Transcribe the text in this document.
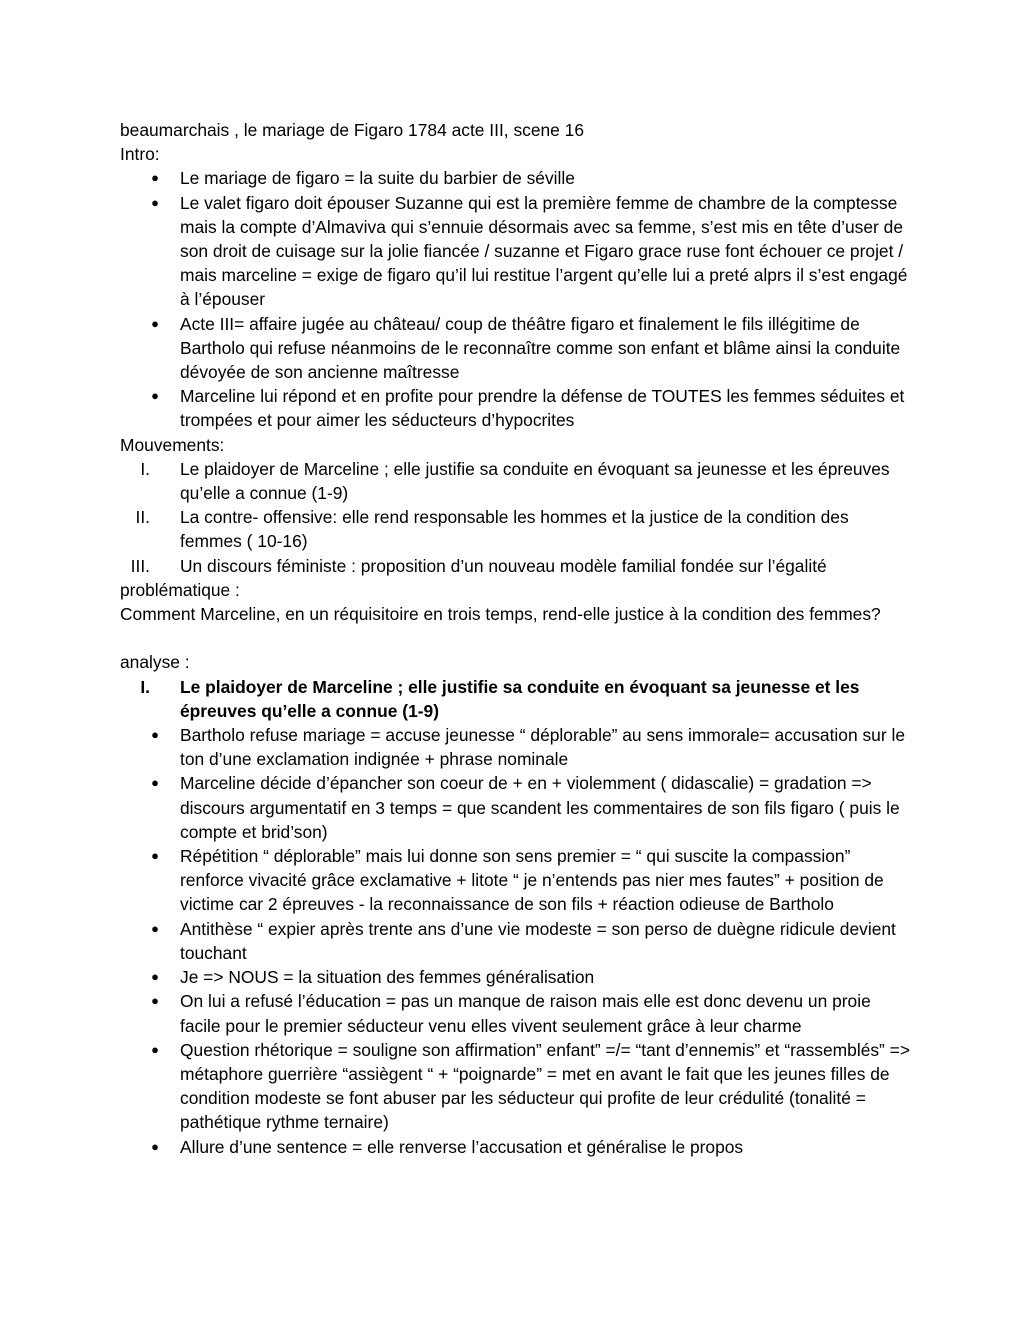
beaumarchais , le mariage de Figaro 1784 acte III, scene 16

Intro:

● Le mariage de figaro = la suite du barbier de séville
● Le valet figaro doit épouser Suzanne qui est la première femme de chambre de la comptesse mais la compte d’Almaviva qui s’ennuie désormais avec sa femme, s’est mis en tête d’user de son droit de cuisage sur la jolie fiancée / suzanne et Figaro grace ruse font échouer ce projet / mais marceline = exige de figaro qu’il lui restitue l’argent qu’elle lui a preté alprs il s’est engagé à l’épouser
● Acte III= affaire jugée au château/ coup de théâtre figaro et finalement le fils illégitime de Bartholo qui refuse néanmoins de le reconnaître comme son enfant et blâme ainsi la conduite dévoyée de son ancienne maîtresse
● Marceline lui répond et en profite pour prendre la défense de TOUTES les femmes séduites et trompées et pour aimer les séducteurs d’hypocrites

Mouvements:

I. Le plaidoyer de Marceline ; elle justifie sa conduite en évoquant sa jeunesse et les épreuves qu’elle a connue (1-9)
II. La contre- offensive: elle rend responsable les hommes et la justice de la condition des femmes ( 10-16)
III. Un discours féministe : proposition d’un nouveau modèle familial fondée sur l’égalité

problématique :

Comment Marceline, en un réquisitoire en trois temps, rend-elle justice à la condition des femmes?

analyse :

I. Le plaidoyer de Marceline ; elle justifie sa conduite en évoquant sa jeunesse et les épreuves qu’elle a connue (1-9)
● Bartholo refuse mariage = accuse jeunesse “ déplorable” au sens immorale= accusation sur le ton d’une exclamation indignée + phrase nominale
● Marceline décide d’épancher son coeur de + en + violemment ( didascalie) = gradation => discours argumentatif en 3 temps = que scandent les commentaires de son fils figaro ( puis le compte et brid’son)
● Répétition “ déplorable” mais lui donne son sens premier = “ qui suscite la compassion” renforce vivacité grâce exclamative + litote “ je n’entends pas nier mes fautes” + position de victime car 2 épreuves - la reconnaissance de son fils + réaction odieuse de Bartholo
● Antithèse “ expier après trente ans d’une vie modeste = son perso de duègne ridicule devient touchant
● Je => NOUS = la situation des femmes généralisation
● On lui a refusé l’éducation = pas un manque de raison mais elle est donc devenu un proie facile pour le premier séducteur venu elles vivent seulement grâce à leur charme
● Question rhétorique = souligne son affirmation” enfant” =/= “tant d’ennemis” et “rassemblés” => métaphore guerrière “assiègent “ + “poignarde” = met en avant le fait que les jeunes filles de condition modeste se font abuser par les séducteur qui profite de leur crédulité (tonalité = pathétique rythme ternaire)
● Allure d’une sentence = elle renverse l’accusation et généralise le propos
